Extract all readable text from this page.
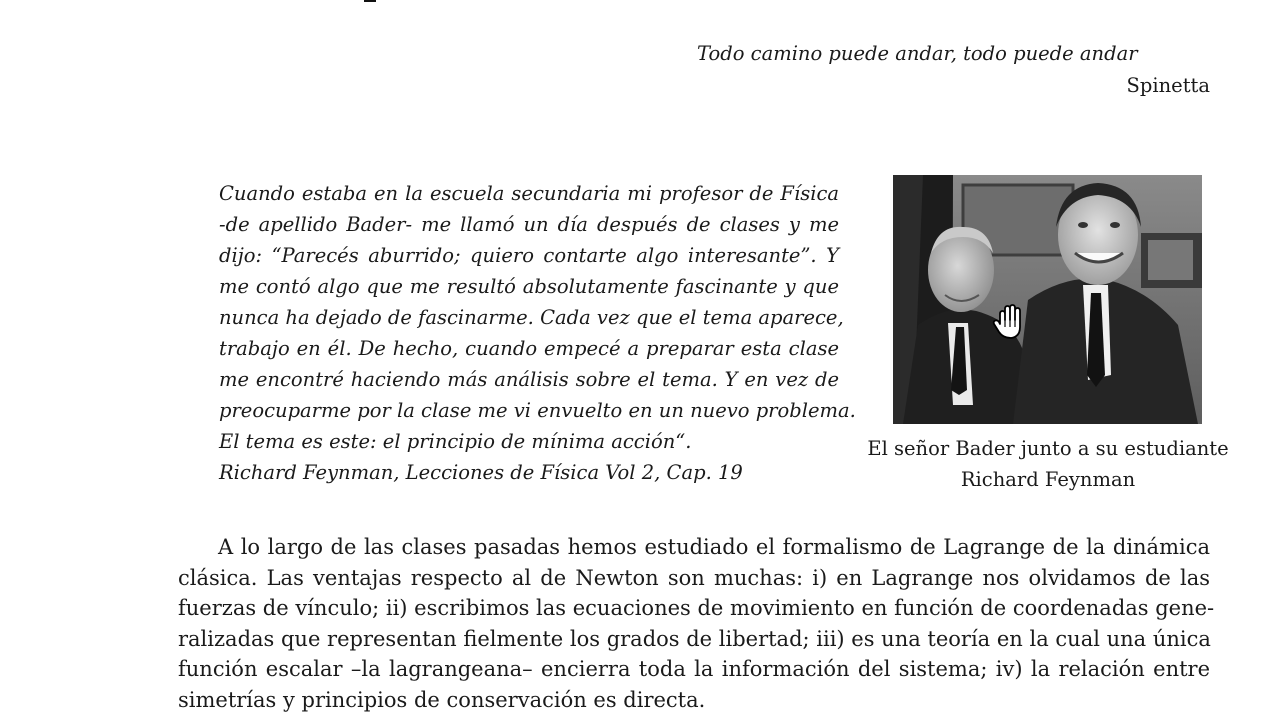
Todo camino puede andar, todo puede andar
Spinetta
Cuando estaba en la escuela secundaria mi profesor de Física
-de apellido Bader- me llamó un día después de clases y me
dijo: “Parecés aburrido; quiero contarte algo interesante”. Y
me contó algo que me resultó absolutamente fascinante y que
nunca ha dejado de fascinarme. Cada vez que el tema aparece,
trabajo en él. De hecho, cuando empecé a preparar esta clase
me encontré haciendo más análisis sobre el tema. Y en vez de
preocuparme por la clase me vi envuelto en un nuevo problema.
El tema es este: el principio de mínima acción“.
Richard Feynman, Lecciones de Física Vol 2, Cap. 19
El señor Bader junto a su estudiante
Richard Feynman
A lo largo de las clases pasadas hemos estudiado el formalismo de Lagrange de la dinámica
clásica. Las ventajas respecto al de Newton son muchas: i) en Lagrange nos olvidamos de las
fuerzas de vínculo; ii) escribimos las ecuaciones de movimiento en función de coordenadas gene-
ralizadas que representan fielmente los grados de libertad; iii) es una teoría en la cual una única
función escalar –la lagrangeana– encierra toda la información del sistema; iv) la relación entre
simetrías y principios de conservación es directa.
